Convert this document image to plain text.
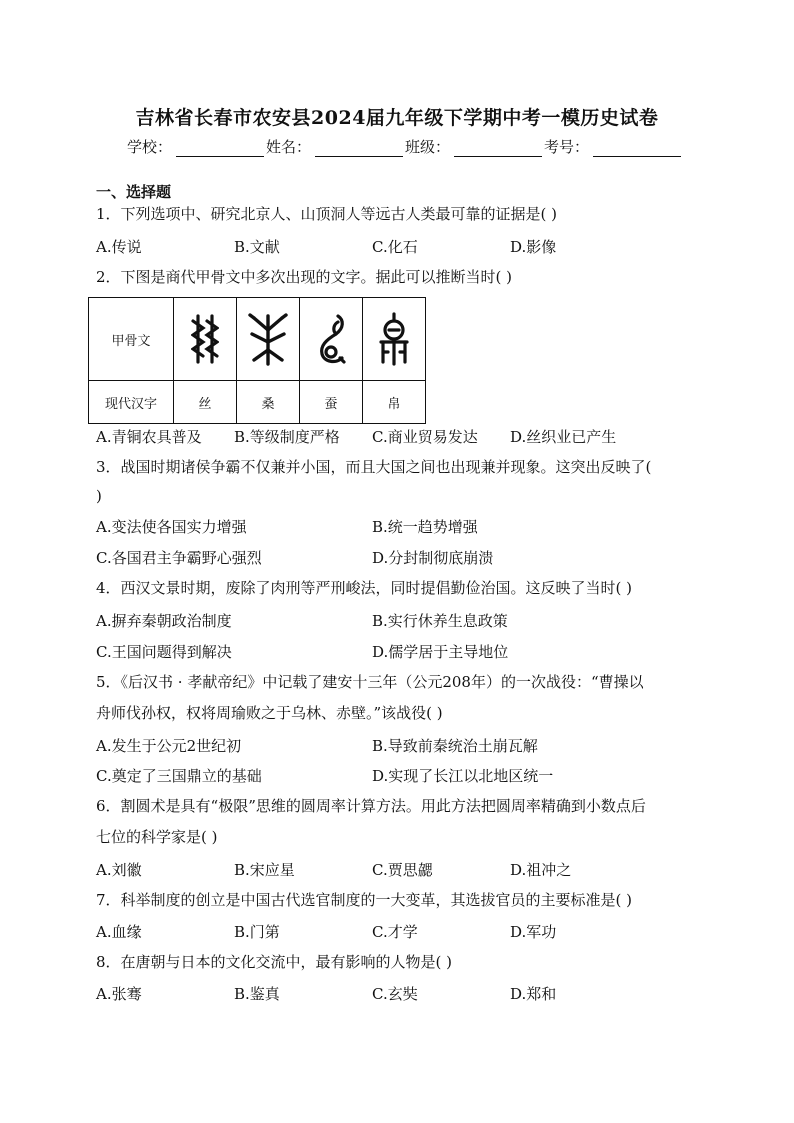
吉林省长春市农安县2024届九年级下学期中考一模历史试卷
学校：	姓名：	班级：	考号：
一、选择题
1．下列选项中、研究北京人、山顶洞人等远古人类最可靠的证据是( )
A.传说	B.文献	C.化石	D.影像
2．下图是商代甲骨文中多次出现的文字。据此可以推断当时( )
甲骨文	

现代汉字	丝	桑	蚕	帛
A.青铜农具普及 B.等级制度严格 C.商业贸易发达 D.丝织业已产生
3．战国时期诸侯争霸不仅兼并小国，而且大国之间也出现兼并现象。这突出反映了(
)
A.变法使各国实力增强	B.统一趋势增强
C.各国君主争霸野心强烈	D.分封制彻底崩溃
4．西汉文景时期，废除了肉刑等严刑峻法，同时提倡勤俭治国。这反映了当时( )
A.摒弃秦朝政治制度	B.实行休养生息政策
C.王国问题得到解决	D.儒学居于主导地位
5．《后汉书 · 孝献帝纪》中记载了建安十三年（公元208年）的一次战役：“曹操以
舟师伐孙权，权将周瑜败之于乌林、赤壁。”该战役( )
A.发生于公元2世纪初	B.导致前秦统治土崩瓦解
C.奠定了三国鼎立的基础	D.实现了长江以北地区统一
6．割圆术是具有“极限”思维的圆周率计算方法。用此方法把圆周率精确到小数点后
七位的科学家是( )
A.刘徽	B.宋应星	C.贾思勰	D.祖冲之
7．科举制度的创立是中国古代选官制度的一大变革，其选拔官员的主要标准是( )
A.血缘	B.门第	C.才学	D.军功
8．在唐朝与日本的文化交流中，最有影响的人物是( )
A.张骞	B.鉴真	C.玄奘	D.郑和
